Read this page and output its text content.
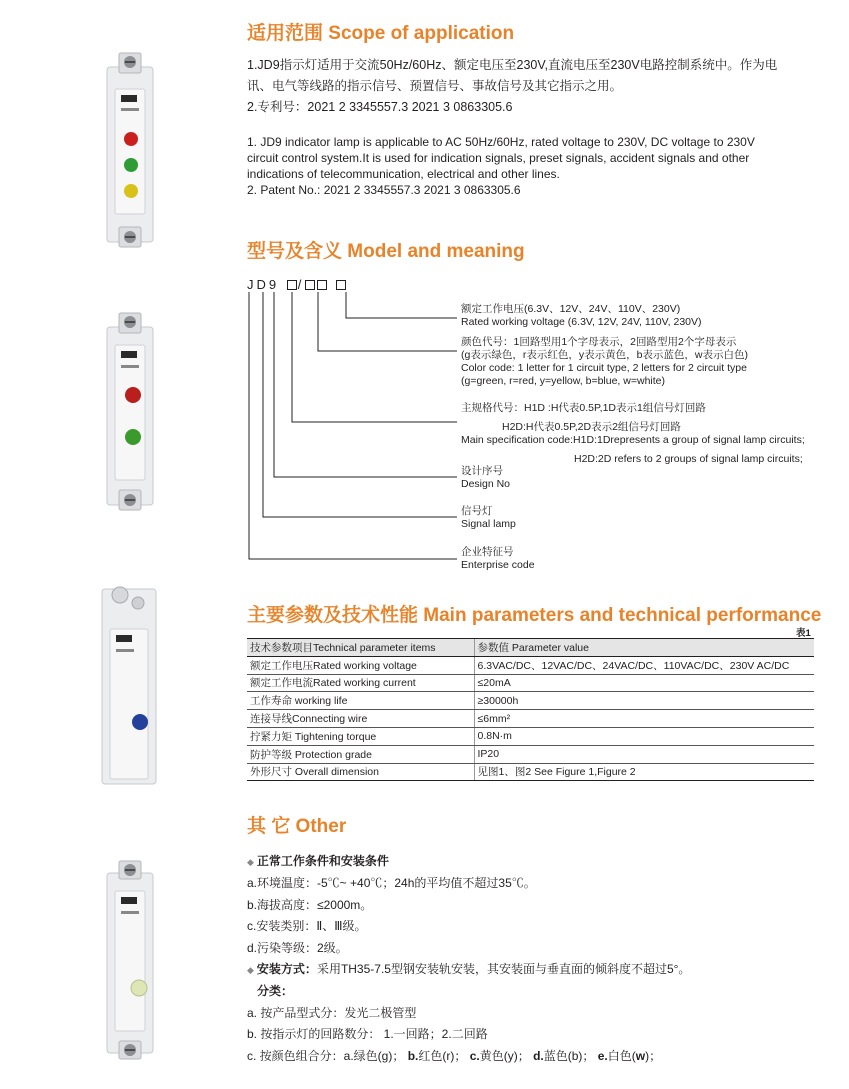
适用范围 Scope of application
1.JD9指示灯适用于交流50Hz/60Hz、额定电压至230V,直流电压至230V电路控制系统中。作为电
讯、电气等线路的指示信号、预置信号、事故信号及其它指示之用。
2.专利号：2021 2 3345557.3 2021 3 0863305.6
1. JD9 indicator lamp is applicable to AC 50Hz/60Hz, rated voltage to 230V, DC voltage to 230V
circuit control system.It is used for indication signals, preset signals, accident signals and other
indications of telecommunication, electrical and other lines.
2. Patent No.: 2021 2 3345557.3 2021 3 0863305.6
型号及含义 Model and meaning
JD9 /
额定工作电压(6.3V、12V、24V、110V、230V)
Rated working voltage (6.3V, 12V, 24V, 110V, 230V)
颜色代号：1回路型用1个字母表示，2回路型用2个字母表示
(g表示绿色，r表示红色，y表示黄色，b表示蓝色，w表示白色)
Color code: 1 letter for 1 circuit type, 2 letters for 2 circuit type
(g=green, r=red, y=yellow, b=blue, w=white)
主规格代号：H1D :H代表0.5P,1D表示1组信号灯回路
H2D:H代表0.5P,2D表示2组信号灯回路
Main specification code:H1D:1Drepresents a group of signal lamp circuits;
H2D:2D refers to 2 groups of signal lamp circuits;
设计序号
Design No
信号灯
Signal lamp
企业特征号
Enterprise code
主要参数及技术性能 Main parameters and technical performance
表1
技术参数项目Technical parameter items	参数值 Parameter value
额定工作电压Rated working voltage	6.3VAC/DC、12VAC/DC、24VAC/DC、110VAC/DC、230V AC/DC
额定工作电流Rated working current	≤20mA
工作寿命 working life	≥30000h
连接导线Connecting wire	≤6mm²
拧紧力矩 Tightening torque	0.8N·m
防护等级 Protection grade	IP20
外形尺寸 Overall dimension	见图1、图2 See Figure 1,Figure 2
其 它 Other
◆ 正常工作条件和安装条件
a.环境温度：-5℃~ +40℃；24h的平均值不超过35℃。
b.海拔高度：≤2000m。
c.安装类别：Ⅱ、Ⅲ级。
d.污染等级：2级。
◆ 安装方式：采用TH35-7.5型钢安装轨安装，其安装面与垂直面的倾斜度不超过5°。
分类：
a. 按产品型式分：发光二极管型
b. 按指示灯的回路数分： 1.一回路；2.二回路
c. 按颜色组合分：a.绿色(g)； b.红色(r)； c.黄色(y)； d.蓝色(b)； e.白色(w)；
